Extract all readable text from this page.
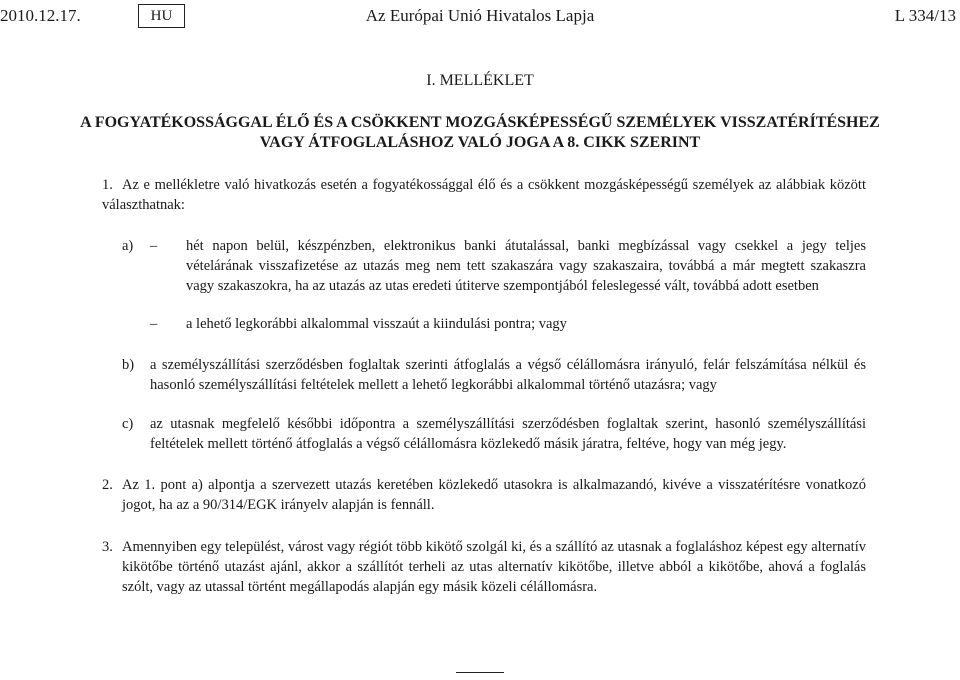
2010.12.17.	HU	Az Európai Unió Hivatalos Lapja	L 334/13
I. MELLÉKLET
A FOGYATÉKOSSÁGGAL ÉLŐ ÉS A CSÖKKENT MOZGÁSKÉPESSÉGŰ SZEMÉLYEK VISSZATÉRÍTÉSHEZ
VAGY ÁTFOGLALÁSHOZ VALÓ JOGA A 8. CIKK SZERINT
1. Az e mellékletre való hivatkozás esetén a fogyatékossággal élő és a csökkent mozgásképességű személyek az alábbiak között választhatnak:
a) – hét napon belül, készpénzben, elektronikus banki átutalással, banki megbízással vagy csekkel a jegy teljes vételárának visszafizetése az utazás meg nem tett szakaszára vagy szakaszaira, továbbá a már megtett szakaszra vagy szakaszokra, ha az utazás az utas eredeti útiterve szempontjából feleslegessé vált, továbbá adott esetben
– a lehető legkorábbi alkalommal visszaút a kiindulási pontra; vagy
b) a személyszállítási szerződésben foglaltak szerinti átfoglalás a végső célállomásra irányuló, felár felszámítása nélkül és hasonló személyszállítási feltételek mellett a lehető legkorábbi alkalommal történő utazásra; vagy
c) az utasnak megfelelő későbbi időpontra a személyszállítási szerződésben foglaltak szerint, hasonló személyszállítási feltételek mellett történő átfoglalás a végső célállomásra közlekedő másik járatra, feltéve, hogy van még jegy.
2. Az 1. pont a) alpontja a szervezett utazás keretében közlekedő utasokra is alkalmazandó, kivéve a visszatérítésre vonatkozó jogot, ha az a 90/314/EGK irányelv alapján is fennáll.
3. Amennyiben egy települést, várost vagy régiót több kikötő szolgál ki, és a szállító az utasnak a foglaláshoz képest egy alternatív kikötőbe történő utazást ajánl, akkor a szállítót terheli az utas alternatív kikötőbe, illetve abból a kikötőbe, ahová a foglalás szólt, vagy az utassal történt megállapodás alapján egy másik közeli célállomásra.
